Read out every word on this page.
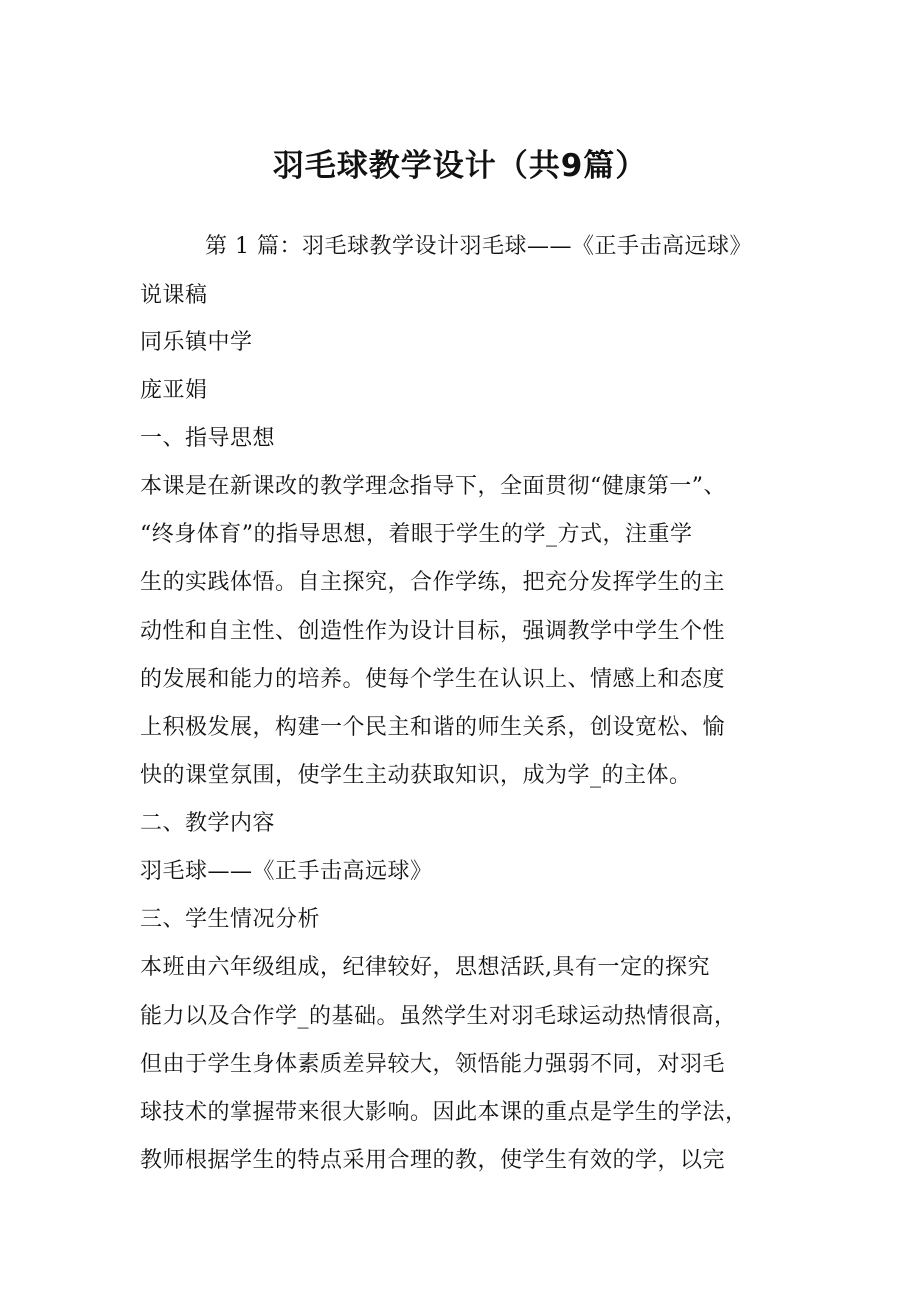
羽毛球教学设计（共9篇）

第 1 篇：羽毛球教学设计羽毛球——《正手击高远球》

说课稿

同乐镇中学

庞亚娟

一、指导思想

本课是在新课改的教学理念指导下，全面贯彻“健康第一”、

“终身体育”的指导思想，着眼于学生的学_方式，注重学

生的实践体悟。自主探究，合作学练，把充分发挥学生的主

动性和自主性、创造性作为设计目标，强调教学中学生个性

的发展和能力的培养。使每个学生在认识上、情感上和态度

上积极发展，构建一个民主和谐的师生关系，创设宽松、愉

快的课堂氛围，使学生主动获取知识，成为学_的主体。

二、教学内容

羽毛球——《正手击高远球》

三、学生情况分析

本班由六年级组成，纪律较好，思想活跃,具有一定的探究

能力以及合作学_的基础。虽然学生对羽毛球运动热情很高，

但由于学生身体素质差异较大，领悟能力强弱不同，对羽毛

球技术的掌握带来很大影响。因此本课的重点是学生的学法，

教师根据学生的特点采用合理的教，使学生有效的学，以完
